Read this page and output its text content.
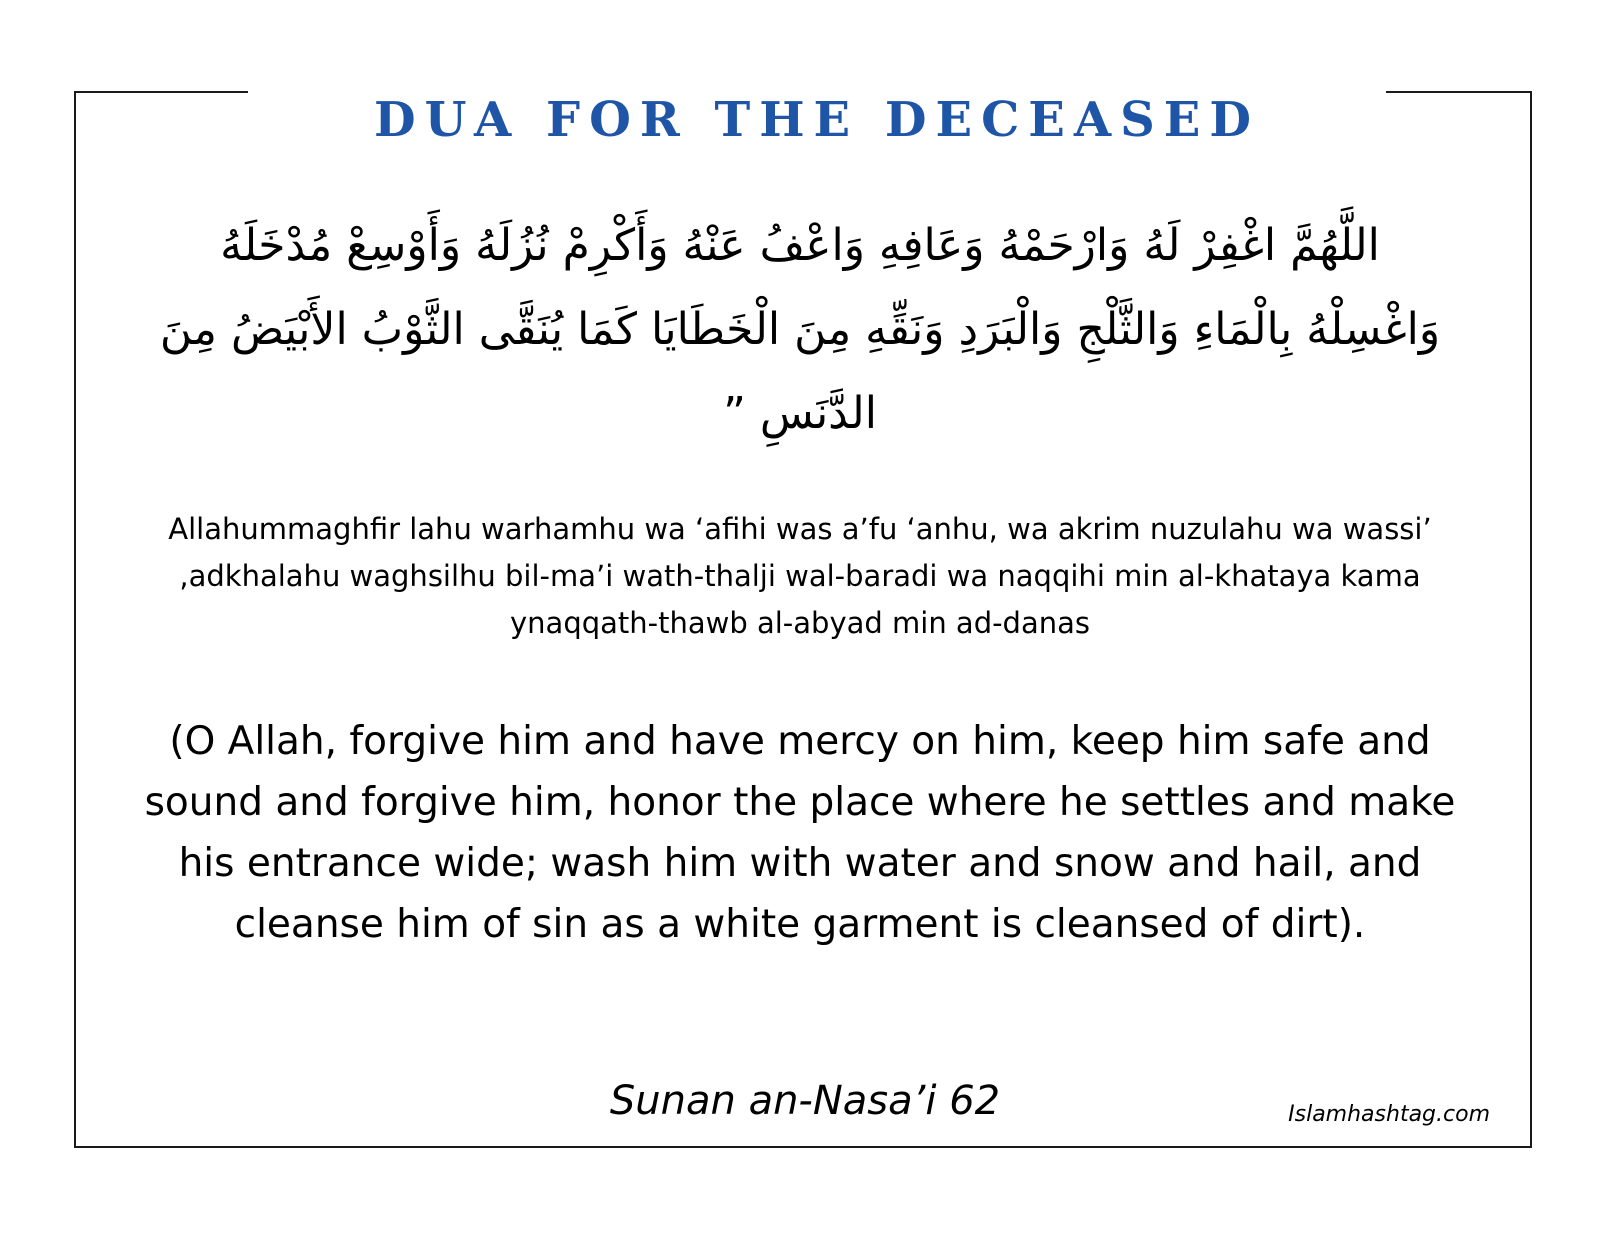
DUA FOR THE DECEASED

اللَّهُمَّ اغْفِرْ لَهُ وَارْحَمْهُ وَعَافِهِ وَاعْفُ عَنْهُ وَأَكْرِمْ نُزُلَهُ وَأَوْسِعْ مُدْخَلَهُ وَاغْسِلْهُ بِالْمَاءِ وَالثَّلْجِ وَالْبَرَدِ وَنَقِّهِ مِنَ الْخَطَايَا كَمَا يُنَقَّى الثَّوْبُ الأَبْيَضُ مِنَ الدَّنَسِ ”

Allahummaghfir lahu warhamhu wa ‘afihi was a’fu ‘anhu, wa akrim nuzulahu wa wassi’ ,adkhalahu waghsilhu bil-ma’i wath-thalji wal-baradi wa naqqihi min al-khataya kama ynaqqath-thawb al-abyad min ad-danas

(O Allah, forgive him and have mercy on him, keep him safe and sound and forgive him, honor the place where he settles and make his entrance wide; wash him with water and snow and hail, and cleanse him of sin as a white garment is cleansed of dirt).

Sunan an-Nasa’i 62	Islamhashtag.com
